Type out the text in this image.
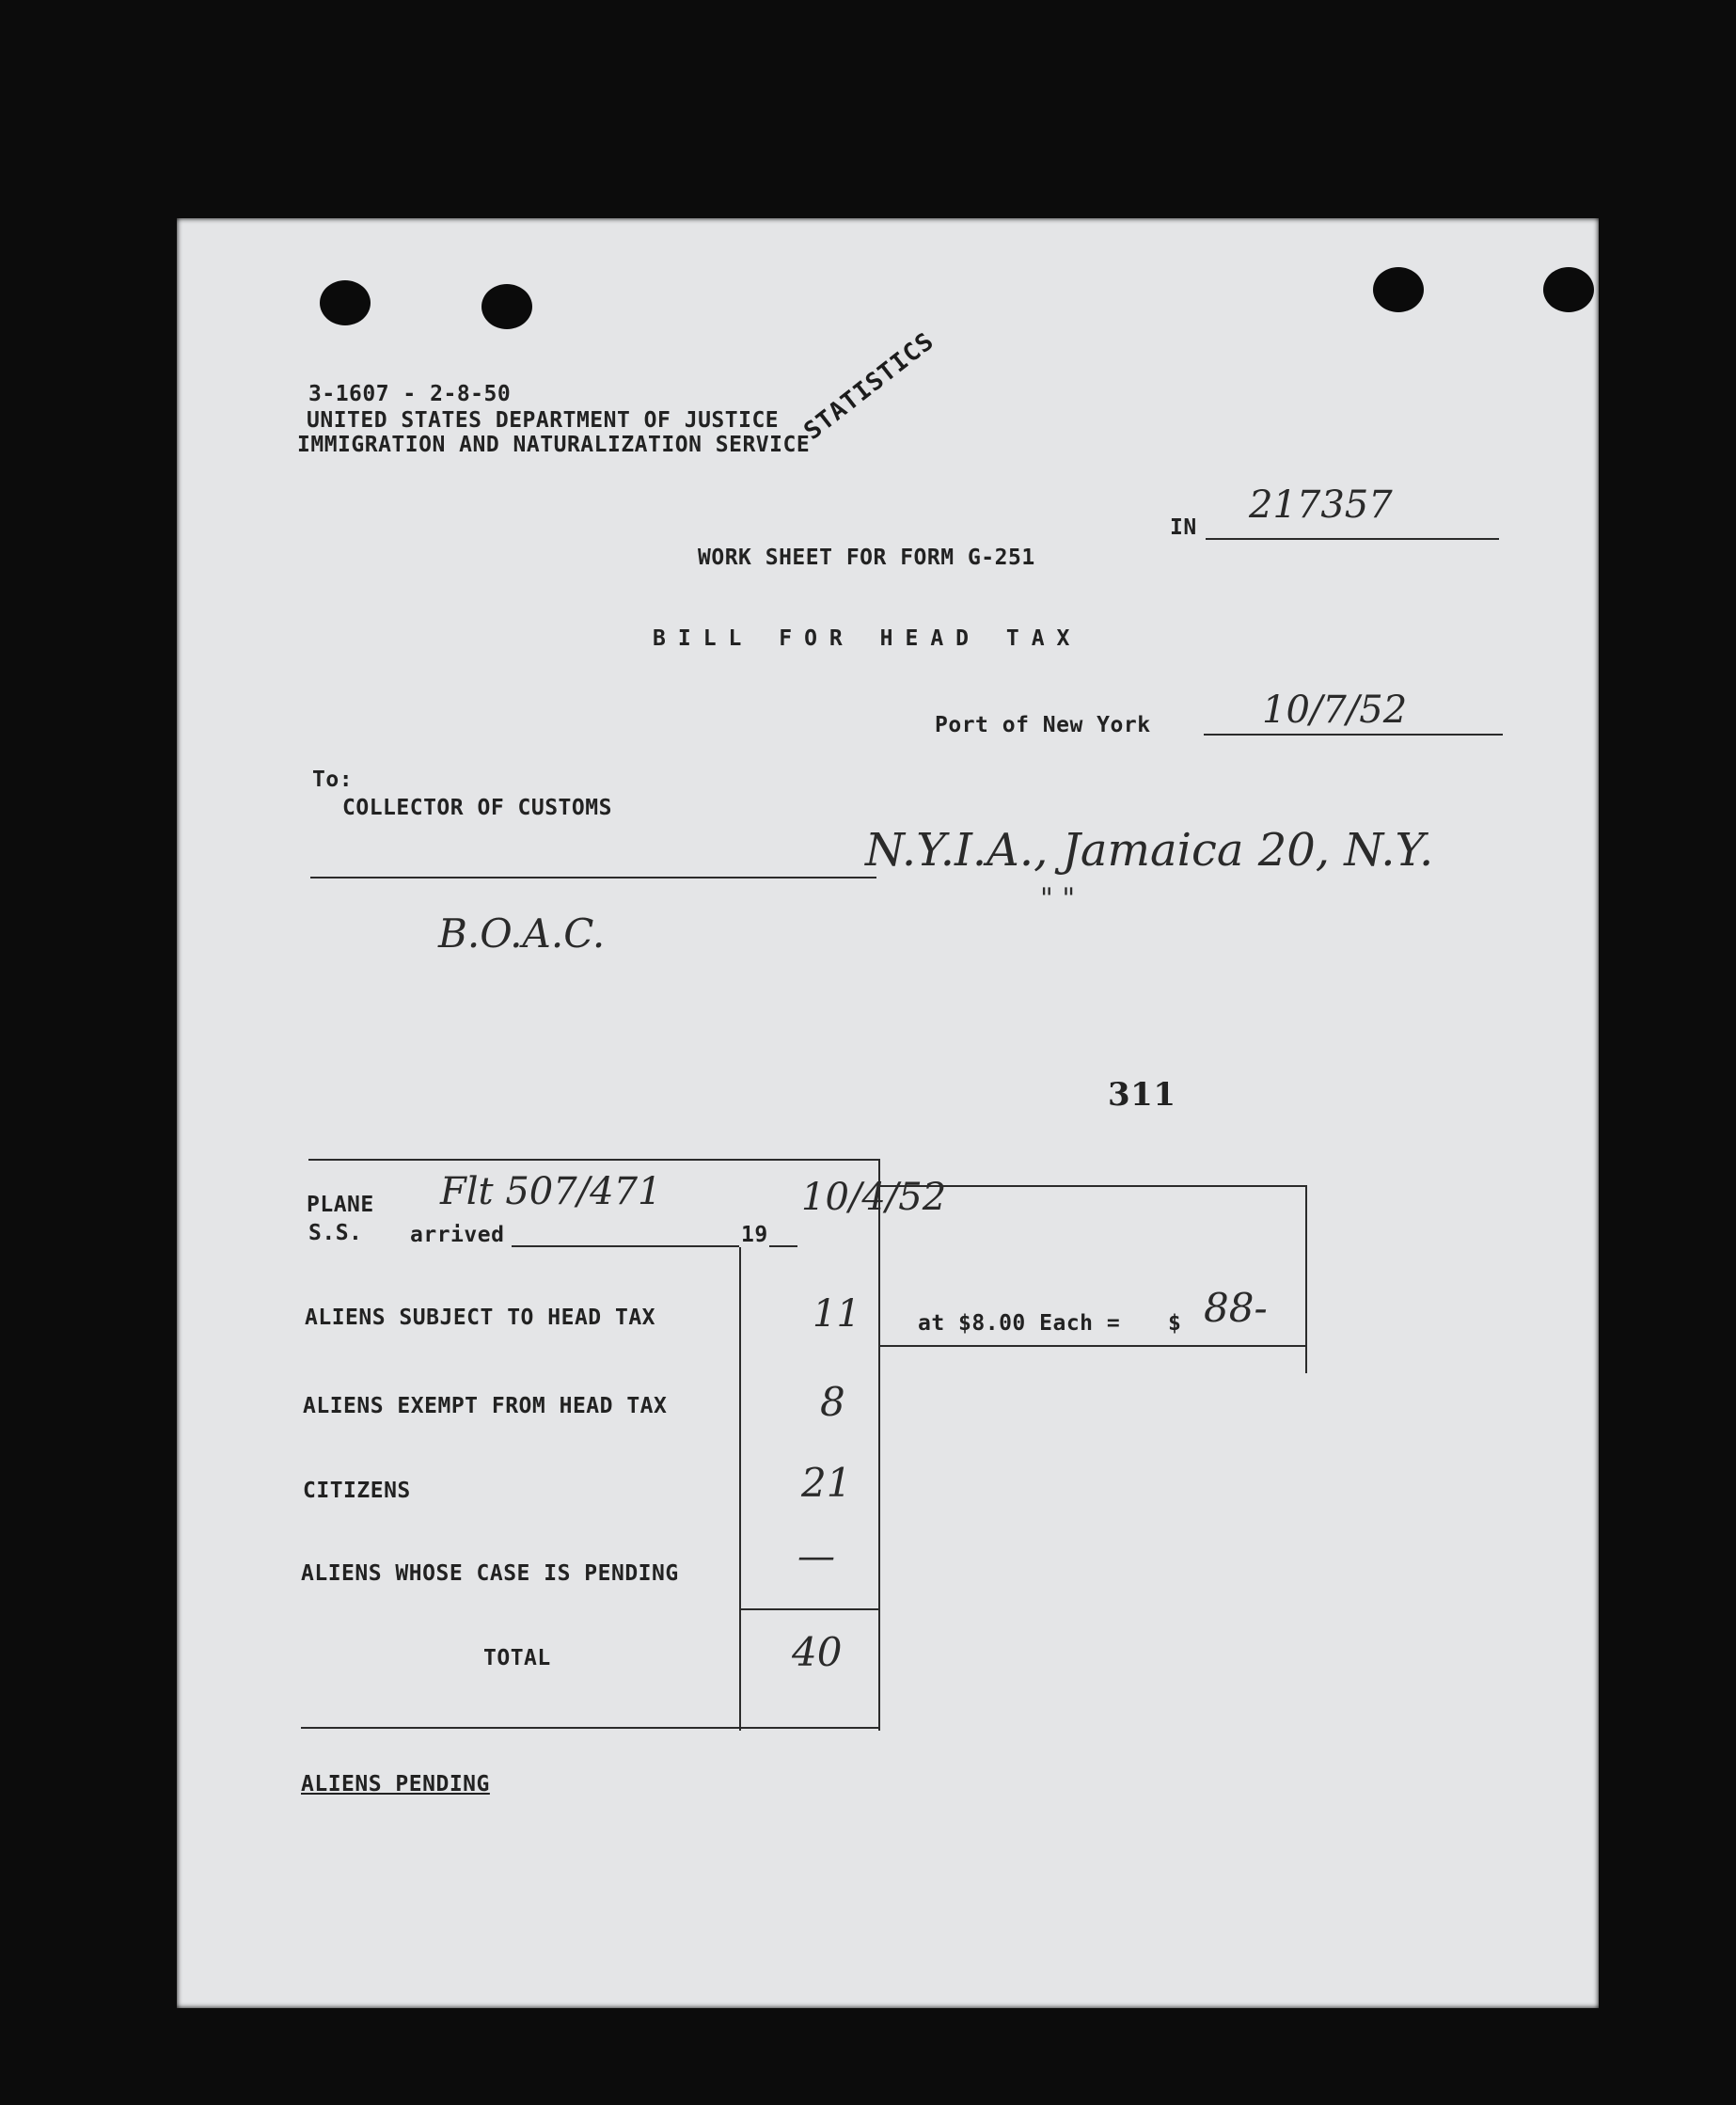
3-1607 - 2-8-50
UNITED STATES DEPARTMENT OF JUSTICE
IMMIGRATION AND NATURALIZATION SERVICE
STATISTICS
IN
217357
WORK SHEET FOR FORM G-251
BILL FOR HEAD TAX
Port of New York	10/7/52
To:
COLLECTOR OF CUSTOMS
N.Y.I.A., Jamaica 20, N.Y.
" "
B.O.A.C.
311
PLANE Flt 507/471	10/4/52
S.S. arrived	19
ALIENS SUBJECT TO HEAD TAX	11
ALIENS EXEMPT FROM HEAD TAX	8
CITIZENS	21
ALIENS WHOSE CASE IS PENDING	—
TOTAL	40
at $8.00 Each = $ 88-
ALIENS PENDING
